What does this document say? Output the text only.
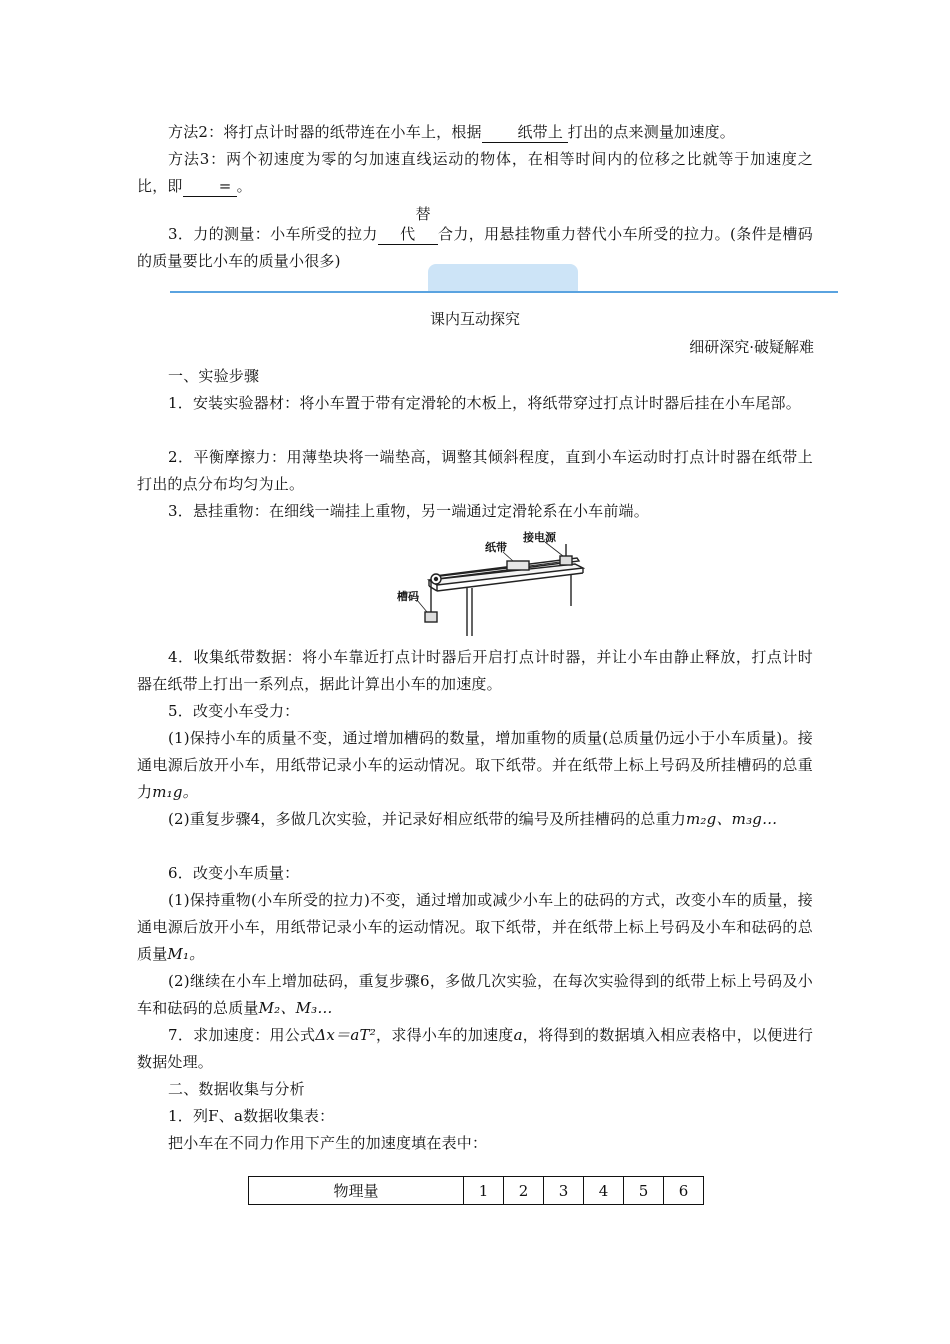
方法2：将打点计时器的纸带连在小车上，根据 纸带上 打出的点来测量加速度。

方法3：两个初速度为零的匀加速直线运动的物体，在相等时间内的位移之比就等于加速度之比，即 = 。

3．力的测量：小车所受的拉力替代 合力，用悬挂物重力替代小车所受的拉力。(条件是槽码的质量要比小车的质量小很多)

课内互动探究
细研深究·破疑解难

一、实验步骤

1．安装实验器材：将小车置于带有定滑轮的木板上，将纸带穿过打点计时器后挂在小车尾部。

2．平衡摩擦力：用薄垫块将一端垫高，调整其倾斜程度，直到小车运动时打点计时器在纸带上打出的点分布均匀为止。

3．悬挂重物：在细线一端挂上重物，另一端通过定滑轮系在小车前端。

纸带
接电源
槽码

4．收集纸带数据：将小车靠近打点计时器后开启打点计时器，并让小车由静止释放，打点计时器在纸带上打出一系列点，据此计算出小车的加速度。

5．改变小车受力：

(1)保持小车的质量不变，通过增加槽码的数量，增加重物的质量(总质量仍远小于小车质量)。接通电源后放开小车，用纸带记录小车的运动情况。取下纸带。并在纸带上标上号码及所挂槽码的总重力m₁g。

(2)重复步骤4，多做几次实验，并记录好相应纸带的编号及所挂槽码的总重力m₂g、m₃g…

6．改变小车质量：

(1)保持重物(小车所受的拉力)不变，通过增加或减少小车上的砝码的方式，改变小车的质量，接通电源后放开小车，用纸带记录小车的运动情况。取下纸带，并在纸带上标上号码及小车和砝码的总质量M₁。

(2)继续在小车上增加砝码，重复步骤6，多做几次实验，在每次实验得到的纸带上标上号码及小车和砝码的总质量M₂、M₃…

7．求加速度：用公式Δx＝aT²，求得小车的加速度a，将得到的数据填入相应表格中，以便进行数据处理。

二、数据收集与分析

1．列F、a数据收集表：

把小车在不同力作用下产生的加速度填在表中：

物理量	1	2	3	4	5	6
